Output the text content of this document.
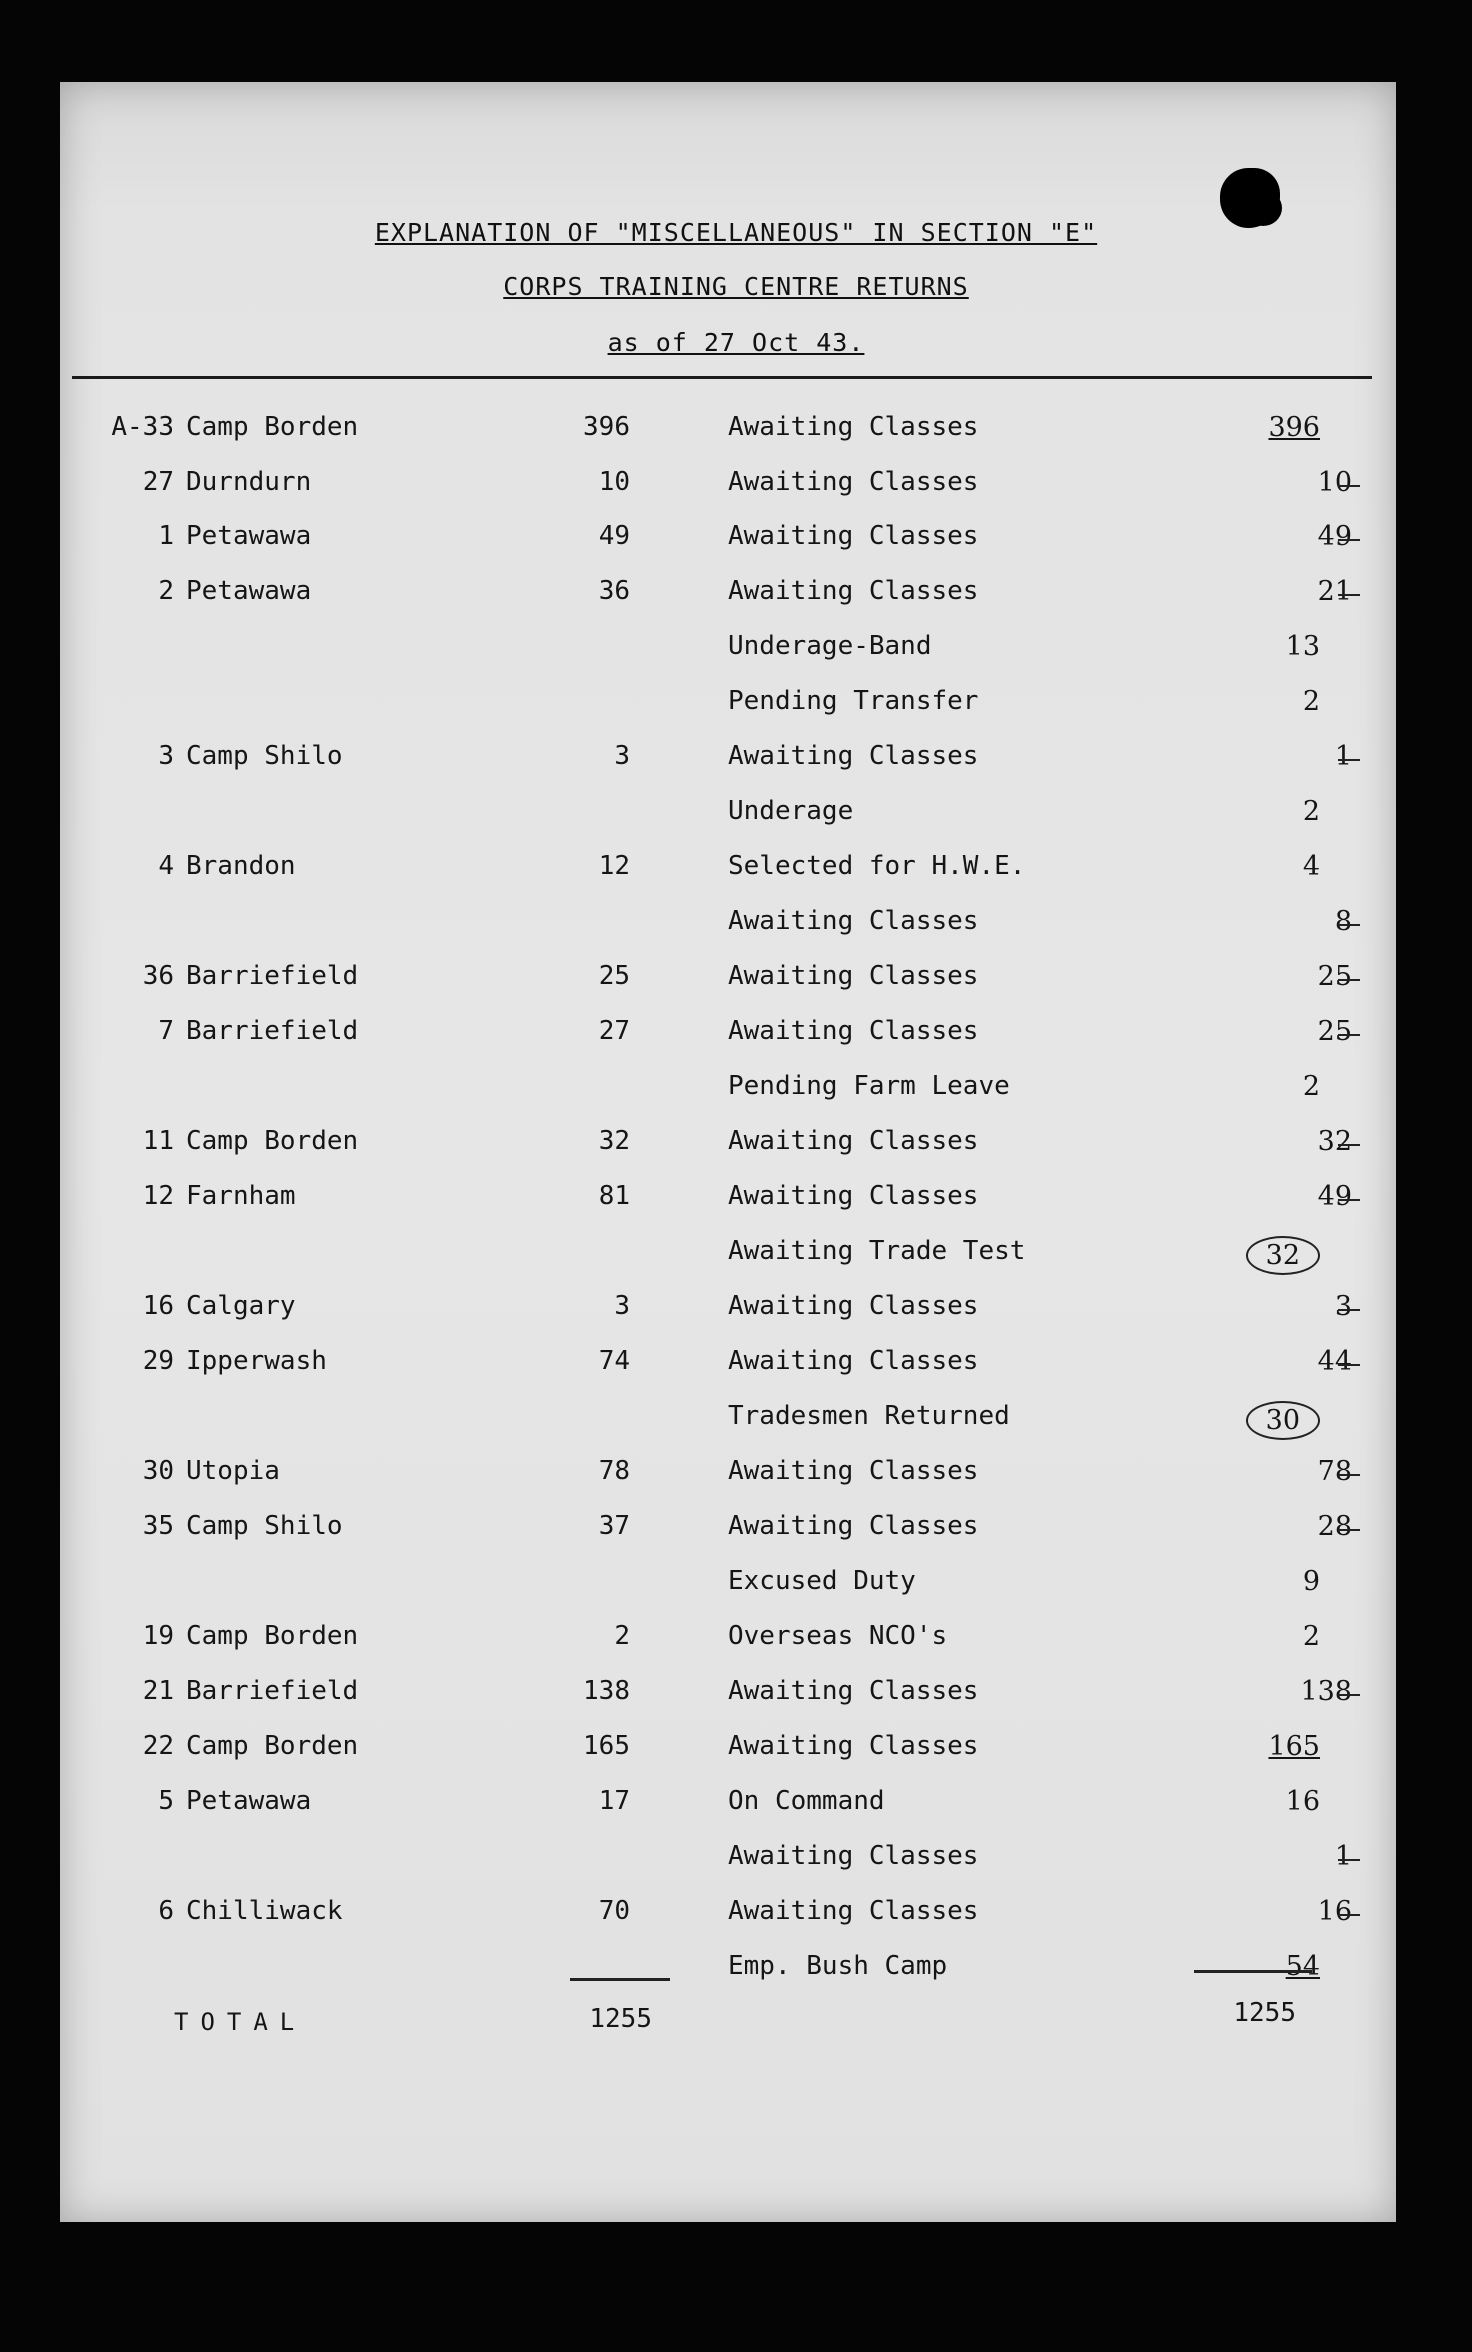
EXPLANATION OF "MISCELLANEOUS" IN SECTION "E"
CORPS TRAINING CENTRE RETURNS
as of 27 Oct 43.
A-33 Camp Borden	396	Awaiting Classes	396
27 Durndurn	10	Awaiting Classes	10
1 Petawawa	49	Awaiting Classes	49
2 Petawawa	36	Awaiting Classes	21
Underage-Band	13
Pending Transfer	2
3 Camp Shilo	3	Awaiting Classes	1
Underage	2
4 Brandon	12	Selected for H.W.E.	4
Awaiting Classes	8
36 Barriefield	25	Awaiting Classes	25
7 Barriefield	27	Awaiting Classes	25
Pending Farm Leave	2
11 Camp Borden	32	Awaiting Classes	32
12 Farnham	81	Awaiting Classes	49
Awaiting Trade Test	32
16 Calgary	3	Awaiting Classes	3
29 Ipperwash	74	Awaiting Classes	44
Tradesmen Returned	30
30 Utopia	78	Awaiting Classes	78
35 Camp Shilo	37	Awaiting Classes	28
Excused Duty	9
19 Camp Borden	2	Overseas NCO's	2
21 Barriefield	138	Awaiting Classes	138
22 Camp Borden	165	Awaiting Classes	165
5 Petawawa	17	On Command	16
Awaiting Classes	1
6 Chilliwack	70	Awaiting Classes	16
Emp. Bush Camp	54
TOTAL	1255	1255
